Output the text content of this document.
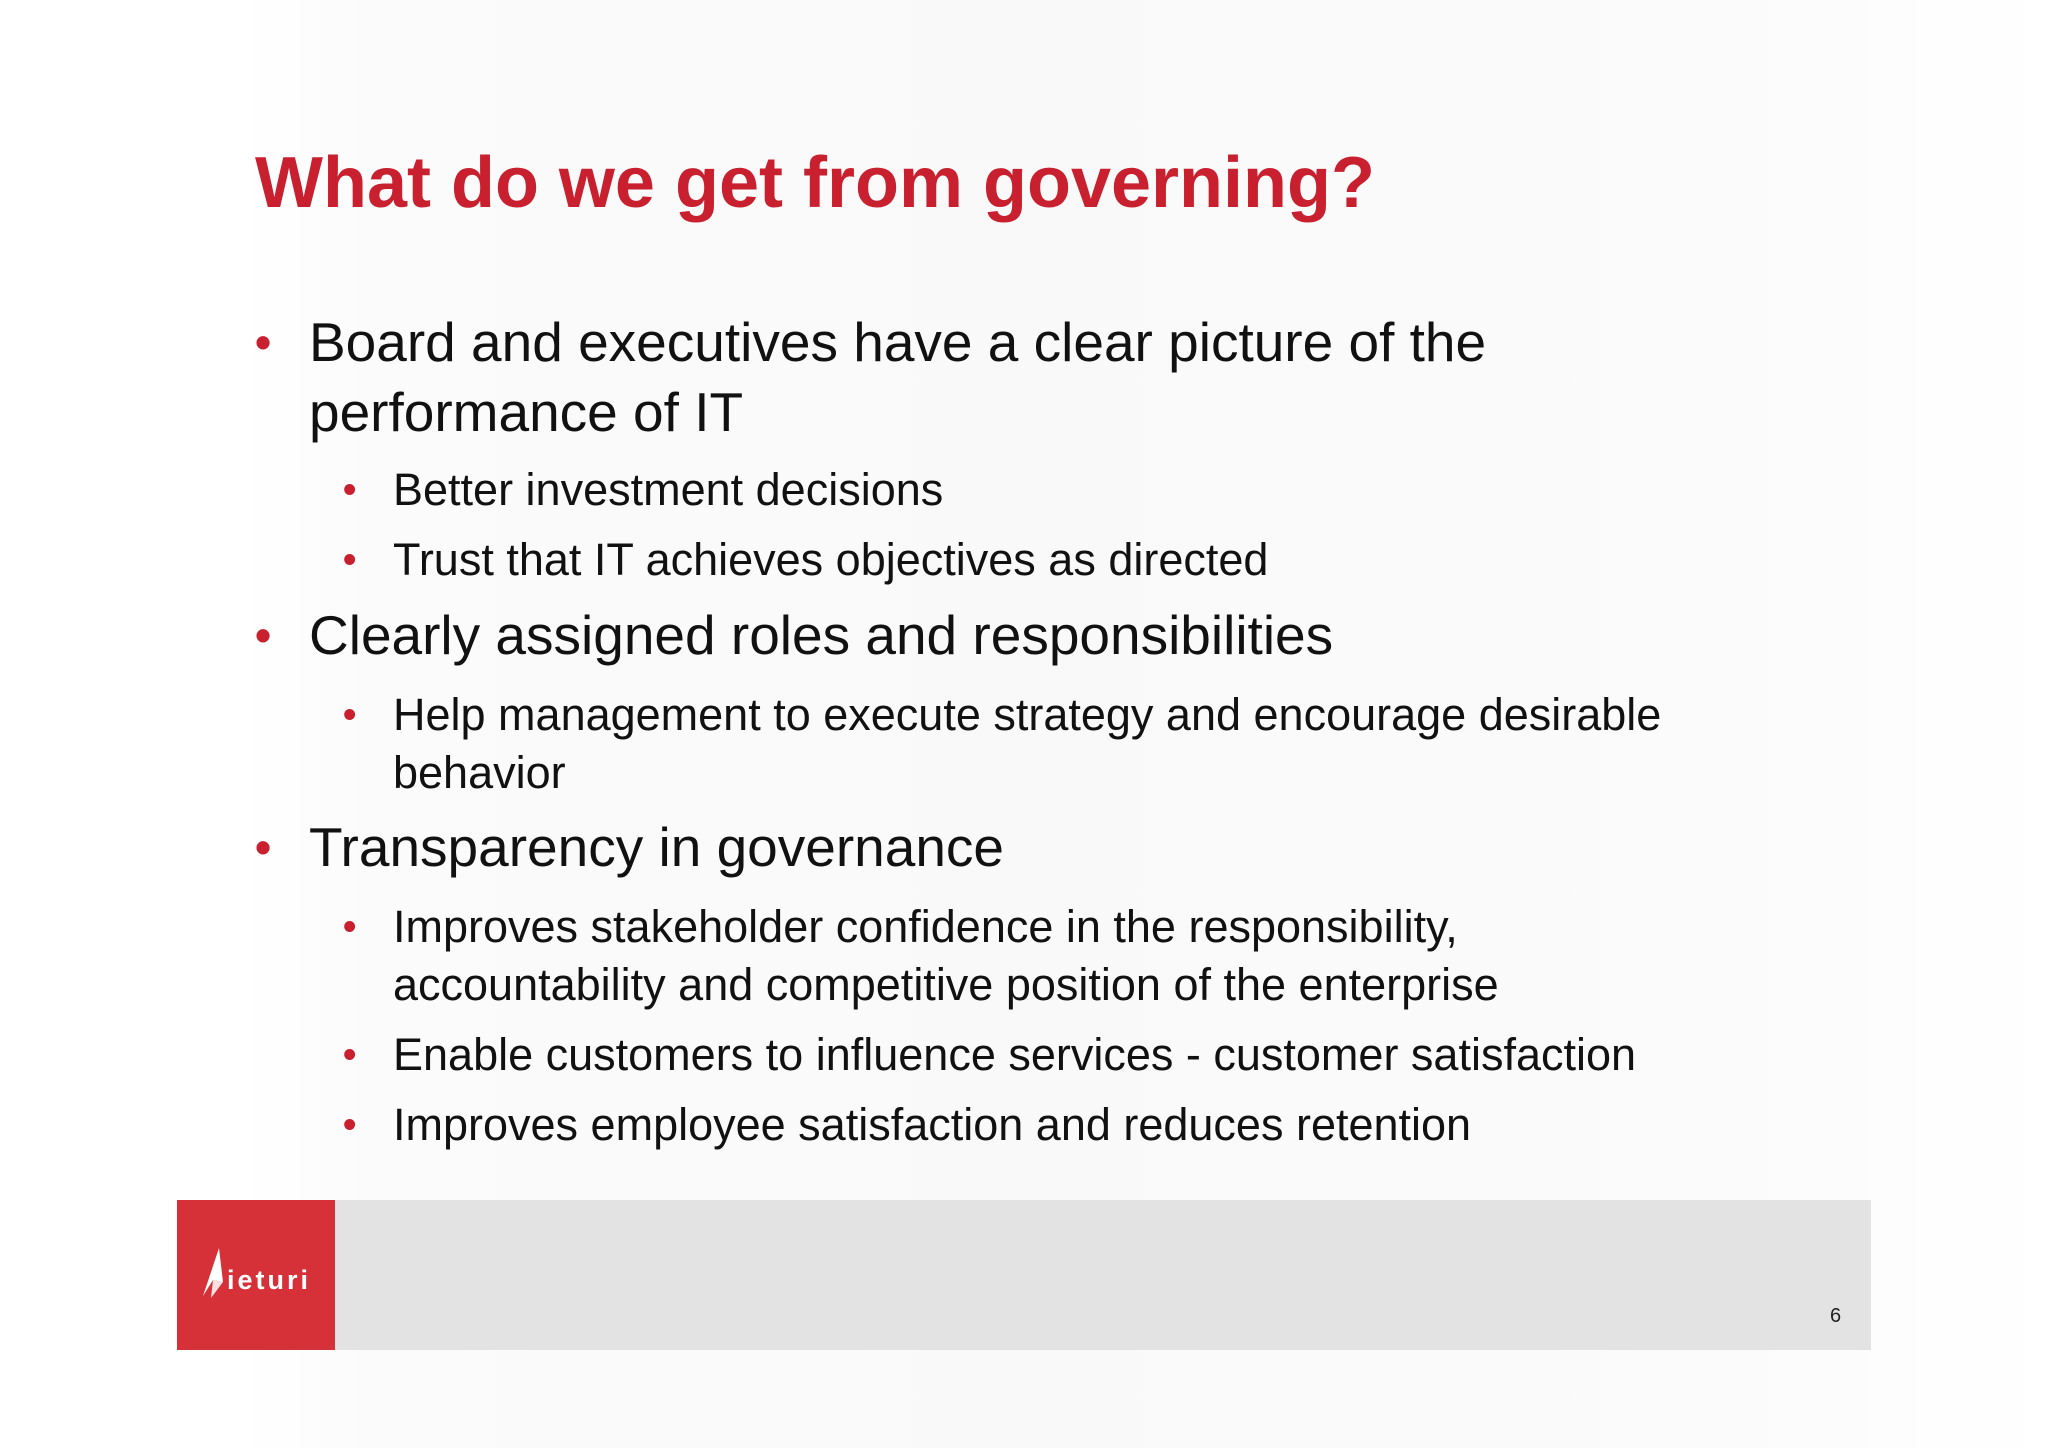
What do we get from governing?
• Board and executives have a clear picture of the
performance of IT
• Better investment decisions
• Trust that IT achieves objectives as directed
• Clearly assigned roles and responsibilities
• Help management to execute strategy and encourage desirable
behavior
• Transparency in governance
• Improves stakeholder confidence in the responsibility,
accountability and competitive position of the enterprise
• Enable customers to influence services - customer satisfaction
• Improves employee satisfaction and reduces retention
ieturi
6
